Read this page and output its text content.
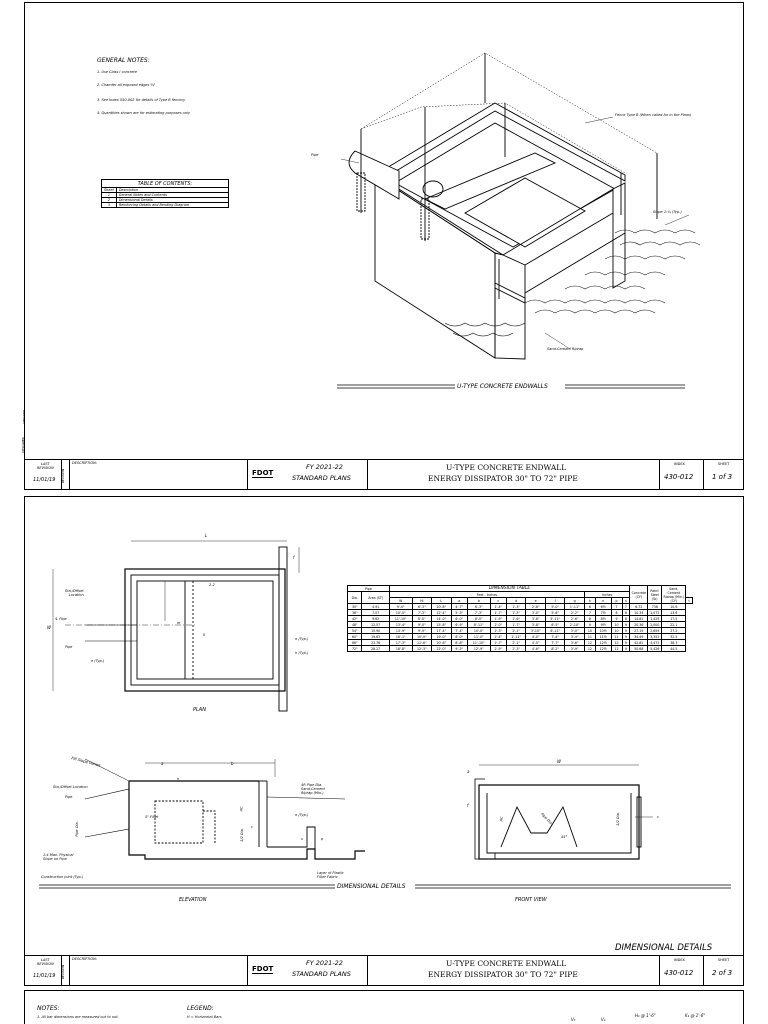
GENERAL NOTES:
1. Use Class I concrete
2. Chamfer all exposed edges ¾"
3. See Index 550-002 for details of Type B fencing
4. Quantities shown are for estimating purposes only
TABLE OF CONTENTS:	
Sheet	Description
1	General Notes and Contents
2	Dimensional Details
3	Reinforcing Details and Bending Diagram
Pipe
Fence Type B (When called for in the Plans)
Slope 1:¼ (Typ.)
Sand-Cement Riprap
U-TYPE CONCRETE ENDWALLS
DESIGNER
CHECKER
LAST
REVISION
11/01/19 REVISION
DESCRIPTION:
FDOT
FY 2021-22
STANDARD PLANS
U-TYPE CONCRETE ENDWALL
ENERGY DISSIPATOR 30" TO 72" PIPE
INDEX
430-012
SHEET
1 of 3
L
W
f
Sta./Offset
Location
℄ Pipe
Pipe
e (Typ.)
n (Typ.)
h (Typ.)
2-2
m
S
PLAN
Fill Slope Varies
Sta./Offset Location
Pipe
Pipe Dia.
5" Fillet
1:4 Max. Physical
Slope on Pipe
Construction Joint (Typ.)
4R Pipe Dia.
Sand-Cement
Riprap (Min.)
n (Typ.)
Layer of Plastic
Filter Fabric
a	b
1/2 Dia.
c
h
p
s
HC
ELEVATION
W
a
f
Pipe Dia.
45°
1/2 Dia.	c
HC
FRONT VIEW
DIMENSIONAL DETAILS
DIMENSIONAL DETAILS
Pipe		DIMENSION TABLE														Concrete (CY)	Reinf. Steel (lb)	Sand-Cement Riprap (Min.) (CY)	
Dia.	Area (SF)	Feet - Inches										Inches							
		W	HI	L	a	b	c	d	e	f	g	h	n	p	s				t
30"	4.91	9'-0"	6'-3"	10'-8"	4'-7"	6'-3"	1'-4"	1'-3"	2'-6"	5'-0"	1'-11"	6	6½	7	7	6.72	736	10.6	
36"	7.07	10'-5"	7'-3"	12'-4"	5'-3"	7'-3"	1'-7"	1'-3"	3'-0"	5'-6"	2'-2"	7	7½	8	8	10.34	1,072	13.6	
42"	9.62	11'-10"	8'-0"	14'-0"	6'-0"	8'-0"	1'-9"	1'-6"	3'-6"	5'-11"	2'-6"	8	8½	9	8	14.82	1,429	17.5	
48"	12.57	13'-4"	9'-0"	15'-8"	6'-9"	8'-11"	2'-0"	1'-7"	3'-8"	6'-5"	2'-10"	9	9½	10	9	20.36	2,000	22.1	
54"	15.90	14'-9"	9'-9"	17'-4"	7'-4"	10'-0"	2'-3"	2'-1"	3'-10"	6'-11"	3'-0"	10	10½	10	9	27.19	2,659	27.2	
60"	19.63	16'-1"	10'-9"	19'-0"	8'-0"	11'-0"	2'-4"	1'-11"	4'-0"	7'-4"	3'-4"	11	11½	11	9	34.49	3,352	32.5	
66"	23.76	17'-3"	11'-6"	20'-6"	8'-8"	11'-10"	2'-7"	2'-1"	4'-5"	7'-7"	3'-6"	12	12½	12	9	42.82	4,472	38.3	
72"	28.27	18'-8"	12'-3"	22'-0"	9'-3"	12'-9"	2'-9"	2'-3"	4'-6"	8'-2"	3'-9"	12	12½	12	9	50.68	5,426	44.5	
LAST
REVISION
11/01/19 REVISION
DESCRIPTION:
FDOT
FY 2021-22
STANDARD PLANS
U-TYPE CONCRETE ENDWALL
ENERGY DISSIPATOR 30" TO 72" PIPE
INDEX
430-012
SHEET
2 of 3
NOTES:
1. All bar dimensions are measured out to out.
LEGEND:
H = Horizontal Bars	V₃	V₄
H₁ @ 1'-6"	K₁ @ 1'-6"
